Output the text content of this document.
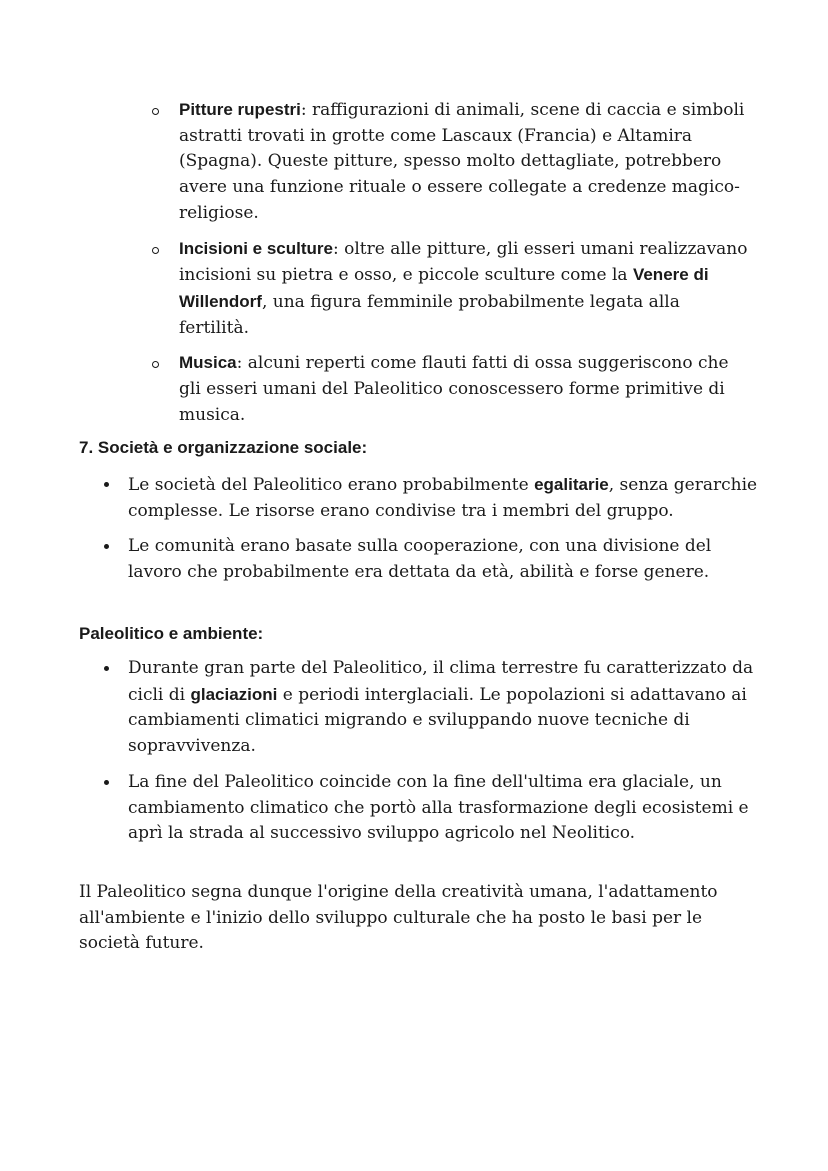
Pitture rupestri: raffigurazioni di animali, scene di caccia e simboli astratti trovati in grotte come Lascaux (Francia) e Altamira (Spagna). Queste pitture, spesso molto dettagliate, potrebbero avere una funzione rituale o essere collegate a credenze magico-religiose.
Incisioni e sculture: oltre alle pitture, gli esseri umani realizzavano incisioni su pietra e osso, e piccole sculture come la Venere di Willendorf, una figura femminile probabilmente legata alla fertilità.
Musica: alcuni reperti come flauti fatti di ossa suggeriscono che gli esseri umani del Paleolitico conoscessero forme primitive di musica.
7. Società e organizzazione sociale:
Le società del Paleolitico erano probabilmente egalitarie, senza gerarchie complesse. Le risorse erano condivise tra i membri del gruppo.
Le comunità erano basate sulla cooperazione, con una divisione del lavoro che probabilmente era dettata da età, abilità e forse genere.
Paleolitico e ambiente:
Durante gran parte del Paleolitico, il clima terrestre fu caratterizzato da cicli di glaciazioni e periodi interglaciali. Le popolazioni si adattavano ai cambiamenti climatici migrando e sviluppando nuove tecniche di sopravvivenza.
La fine del Paleolitico coincide con la fine dell'ultima era glaciale, un cambiamento climatico che portò alla trasformazione degli ecosistemi e aprì la strada al successivo sviluppo agricolo nel Neolitico.

Il Paleolitico segna dunque l'origine della creatività umana, l'adattamento all'ambiente e l'inizio dello sviluppo culturale che ha posto le basi per le società future.
